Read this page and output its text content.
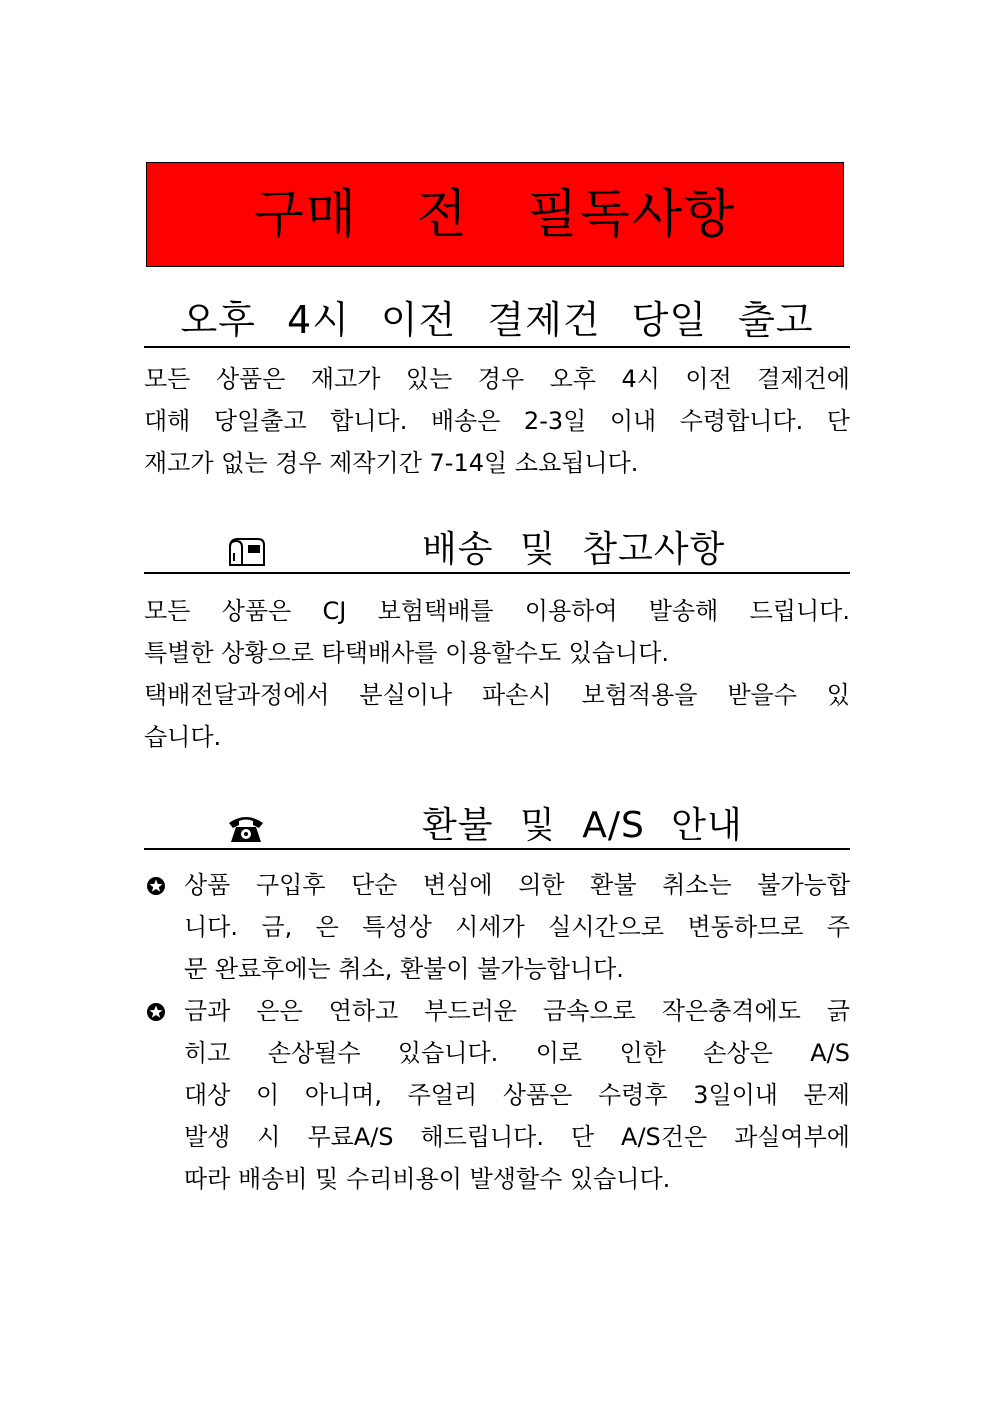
구매 전 필독사항
오후 4시 이전 결제건 당일 출고
모든 상품은 재고가 있는 경우 오후 4시 이전 결제건에
대해 당일출고 합니다. 배송은 2-3일 이내 수령합니다. 단
재고가 없는 경우 제작기간 7-14일 소요됩니다.
배송 및 참고사항
모든 상품은 CJ 보험택배를 이용하여 발송해 드립니다.
특별한 상황으로 타택배사를 이용할수도 있습니다.
택배전달과정에서 분실이나 파손시 보험적용을 받을수 있
습니다.
환불 및 A/S 안내
상품 구입후 단순 변심에 의한 환불 취소는 불가능합
니다. 금, 은 특성상 시세가 실시간으로 변동하므로 주
문 완료후에는 취소, 환불이 불가능합니다.
금과 은은 연하고 부드러운 금속으로 작은충격에도 긁
히고 손상될수 있습니다. 이로 인한 손상은 A/S
대상 이 아니며, 주얼리 상품은 수령후 3일이내 문제
발생 시 무료A/S 해드립니다. 단 A/S건은 과실여부에
따라 배송비 및 수리비용이 발생할수 있습니다.
